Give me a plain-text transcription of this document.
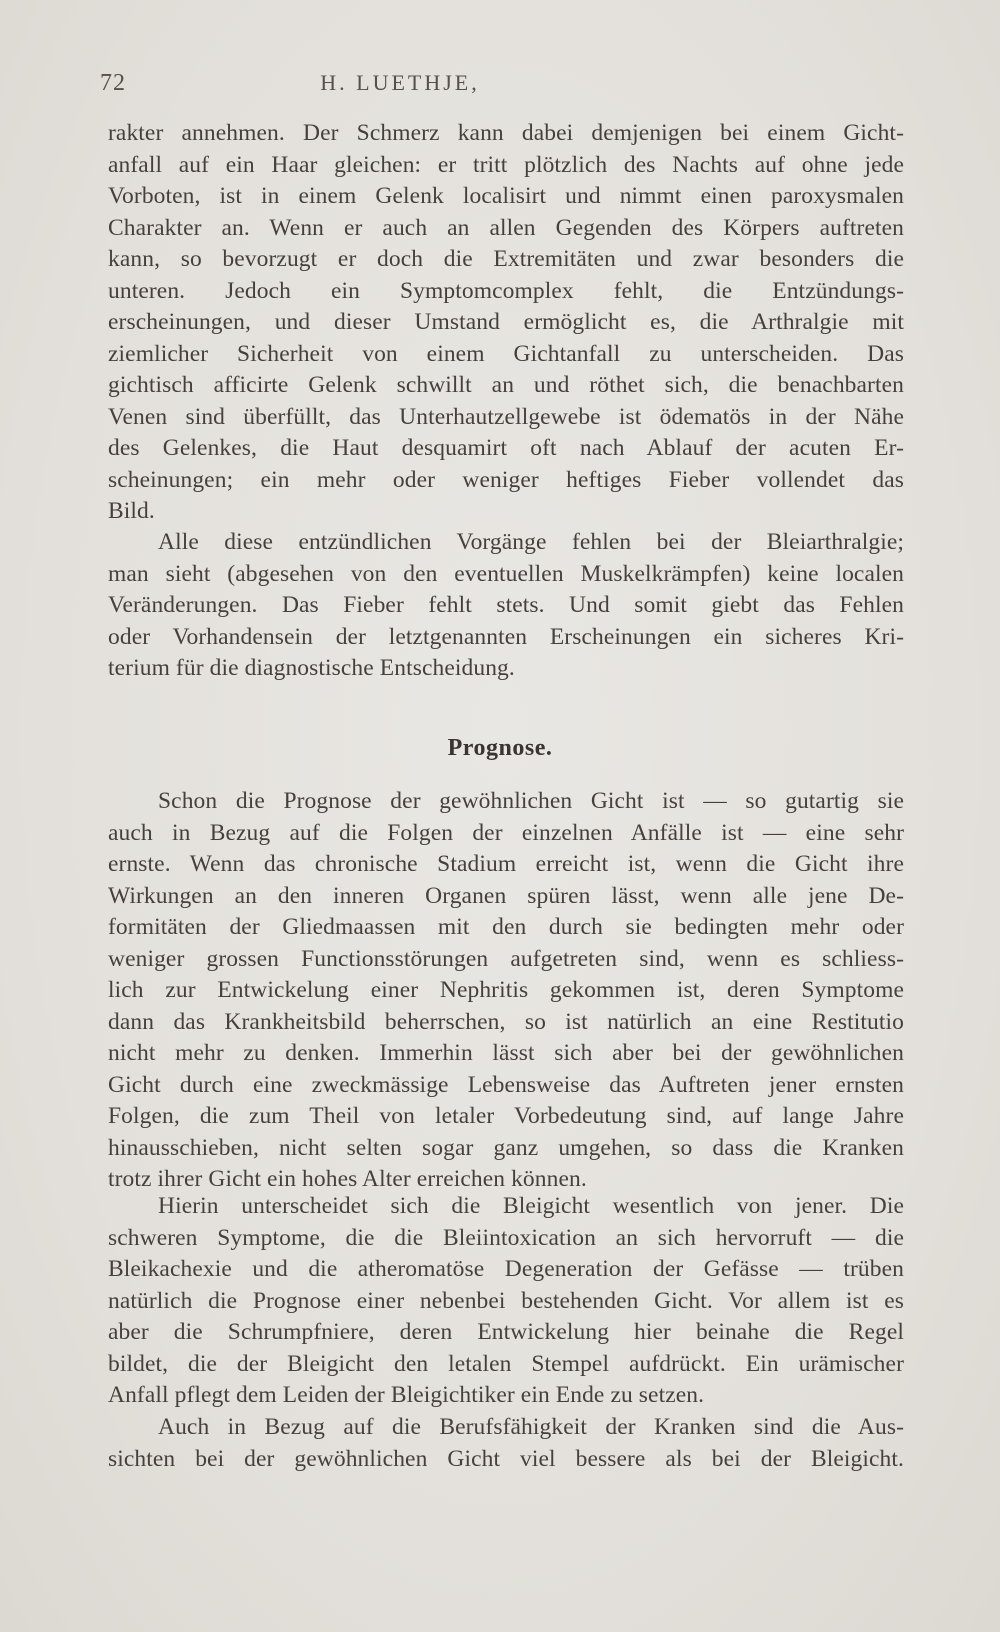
72	H. LUETHJE,
rakter annehmen. Der Schmerz kann dabei demjenigen bei einem Gicht-
anfall auf ein Haar gleichen: er tritt plötzlich des Nachts auf ohne jede
Vorboten, ist in einem Gelenk localisirt und nimmt einen paroxysmalen
Charakter an. Wenn er auch an allen Gegenden des Körpers auftreten
kann, so bevorzugt er doch die Extremitäten und zwar besonders die
unteren. Jedoch ein Symptomcomplex fehlt, die Entzündungs-
erscheinungen, und dieser Umstand ermöglicht es, die Arthralgie mit
ziemlicher Sicherheit von einem Gichtanfall zu unterscheiden. Das
gichtisch afficirte Gelenk schwillt an und röthet sich, die benachbarten
Venen sind überfüllt, das Unterhautzellgewebe ist ödematös in der Nähe
des Gelenkes, die Haut desquamirt oft nach Ablauf der acuten Er-
scheinungen; ein mehr oder weniger heftiges Fieber vollendet das
Bild.
Alle diese entzündlichen Vorgänge fehlen bei der Bleiarthralgie;
man sieht (abgesehen von den eventuellen Muskelkrämpfen) keine localen
Veränderungen. Das Fieber fehlt stets. Und somit giebt das Fehlen
oder Vorhandensein der letztgenannten Erscheinungen ein sicheres Kri-
terium für die diagnostische Entscheidung.
Prognose.
Schon die Prognose der gewöhnlichen Gicht ist — so gutartig sie
auch in Bezug auf die Folgen der einzelnen Anfälle ist — eine sehr
ernste. Wenn das chronische Stadium erreicht ist, wenn die Gicht ihre
Wirkungen an den inneren Organen spüren lässt, wenn alle jene De-
formitäten der Gliedmaassen mit den durch sie bedingten mehr oder
weniger grossen Functionsstörungen aufgetreten sind, wenn es schliess-
lich zur Entwickelung einer Nephritis gekommen ist, deren Symptome
dann das Krankheitsbild beherrschen, so ist natürlich an eine Restitutio
nicht mehr zu denken. Immerhin lässt sich aber bei der gewöhnlichen
Gicht durch eine zweckmässige Lebensweise das Auftreten jener ernsten
Folgen, die zum Theil von letaler Vorbedeutung sind, auf lange Jahre
hinausschieben, nicht selten sogar ganz umgehen, so dass die Kranken
trotz ihrer Gicht ein hohes Alter erreichen können.
Hierin unterscheidet sich die Bleigicht wesentlich von jener. Die
schweren Symptome, die die Bleiintoxication an sich hervorruft — die
Bleikachexie und die atheromatöse Degeneration der Gefässe — trüben
natürlich die Prognose einer nebenbei bestehenden Gicht. Vor allem ist es
aber die Schrumpfniere, deren Entwickelung hier beinahe die Regel
bildet, die der Bleigicht den letalen Stempel aufdrückt. Ein urämischer
Anfall pflegt dem Leiden der Bleigichtiker ein Ende zu setzen.
Auch in Bezug auf die Berufsfähigkeit der Kranken sind die Aus-
sichten bei der gewöhnlichen Gicht viel bessere als bei der Bleigicht.
